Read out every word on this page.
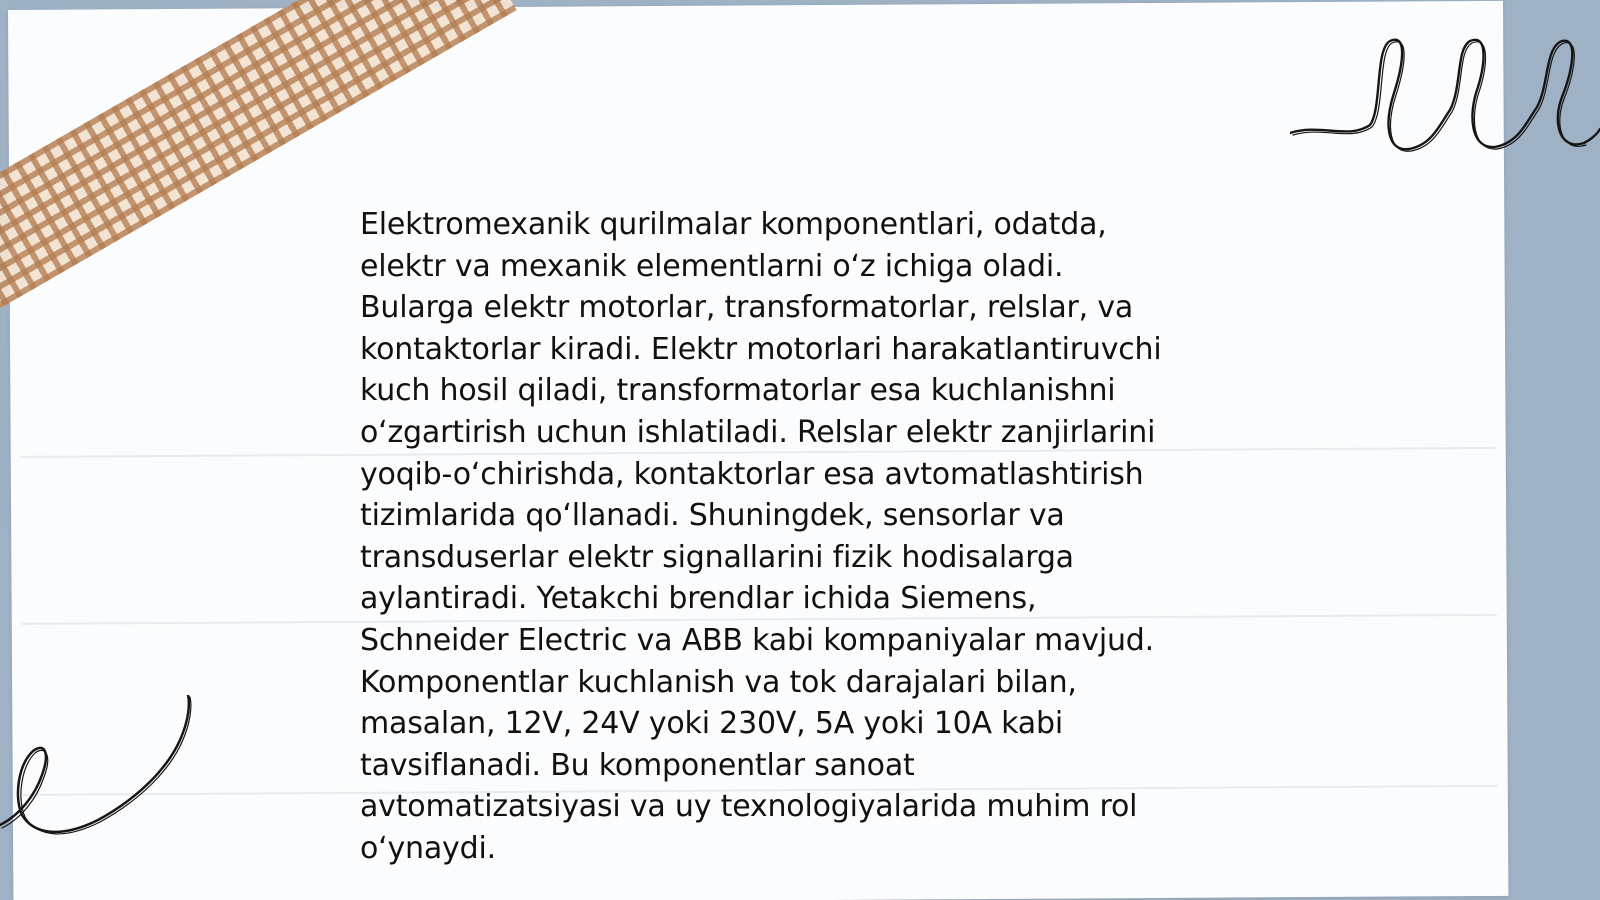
Elektromexanik qurilmalar komponentlari, odatda,
elektr va mexanik elementlarni oʻz ichiga oladi.
Bularga elektr motorlar, transformatorlar, relslar, va
kontaktorlar kiradi. Elektr motorlari harakatlantiruvchi
kuch hosil qiladi, transformatorlar esa kuchlanishni
oʻzgartirish uchun ishlatiladi. Relslar elektr zanjirlarini
yoqib-oʻchirishda, kontaktorlar esa avtomatlashtirish
tizimlarida qoʻllanadi. Shuningdek, sensorlar va
transduserlar elektr signallarini fizik hodisalarga
aylantiradi. Yetakchi brendlar ichida Siemens,
Schneider Electric va ABB kabi kompaniyalar mavjud.
Komponentlar kuchlanish va tok darajalari bilan,
masalan, 12V, 24V yoki 230V, 5A yoki 10A kabi
tavsiflanadi. Bu komponentlar sanoat
avtomatizatsiyasi va uy texnologiyalarida muhim rol
oʻynaydi.
